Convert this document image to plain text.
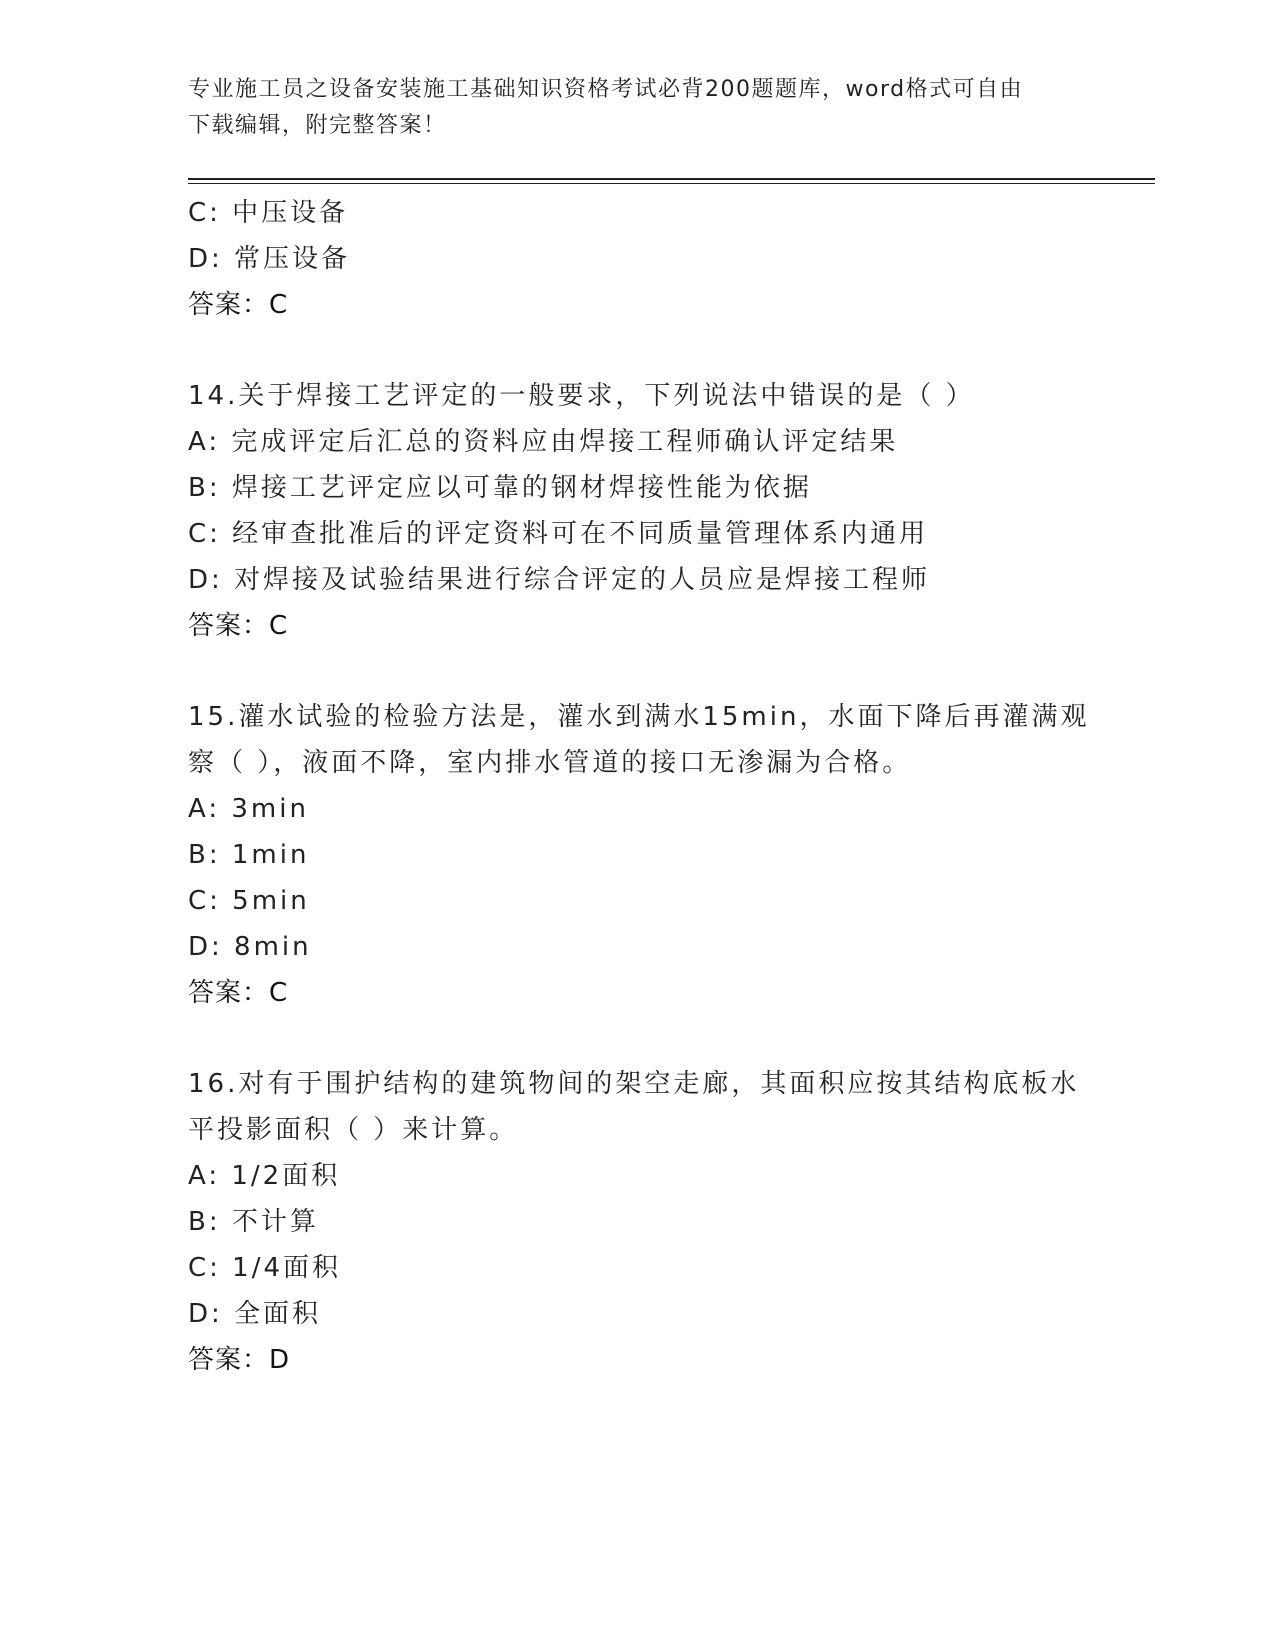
专业施工员之设备安装施工基础知识资格考试必背200题题库，word格式可自由
下载编辑，附完整答案！
C: 中压设备
D: 常压设备
答案：C
14.关于焊接工艺评定的一般要求，下列说法中错误的是（ ）
A: 完成评定后汇总的资料应由焊接工程师确认评定结果
B: 焊接工艺评定应以可靠的钢材焊接性能为依据
C: 经审查批准后的评定资料可在不同质量管理体系内通用
D: 对焊接及试验结果进行综合评定的人员应是焊接工程师
答案：C
15.灌水试验的检验方法是，灌水到满水15min，水面下降后再灌满观
察（ ），液面不降，室内排水管道的接口无渗漏为合格。
A: 3min
B: 1min
C: 5min
D: 8min
答案：C
16.对有于围护结构的建筑物间的架空走廊，其面积应按其结构底板水
平投影面积（ ）来计算。
A: 1/2面积
B: 不计算
C: 1/4面积
D: 全面积
答案：D
